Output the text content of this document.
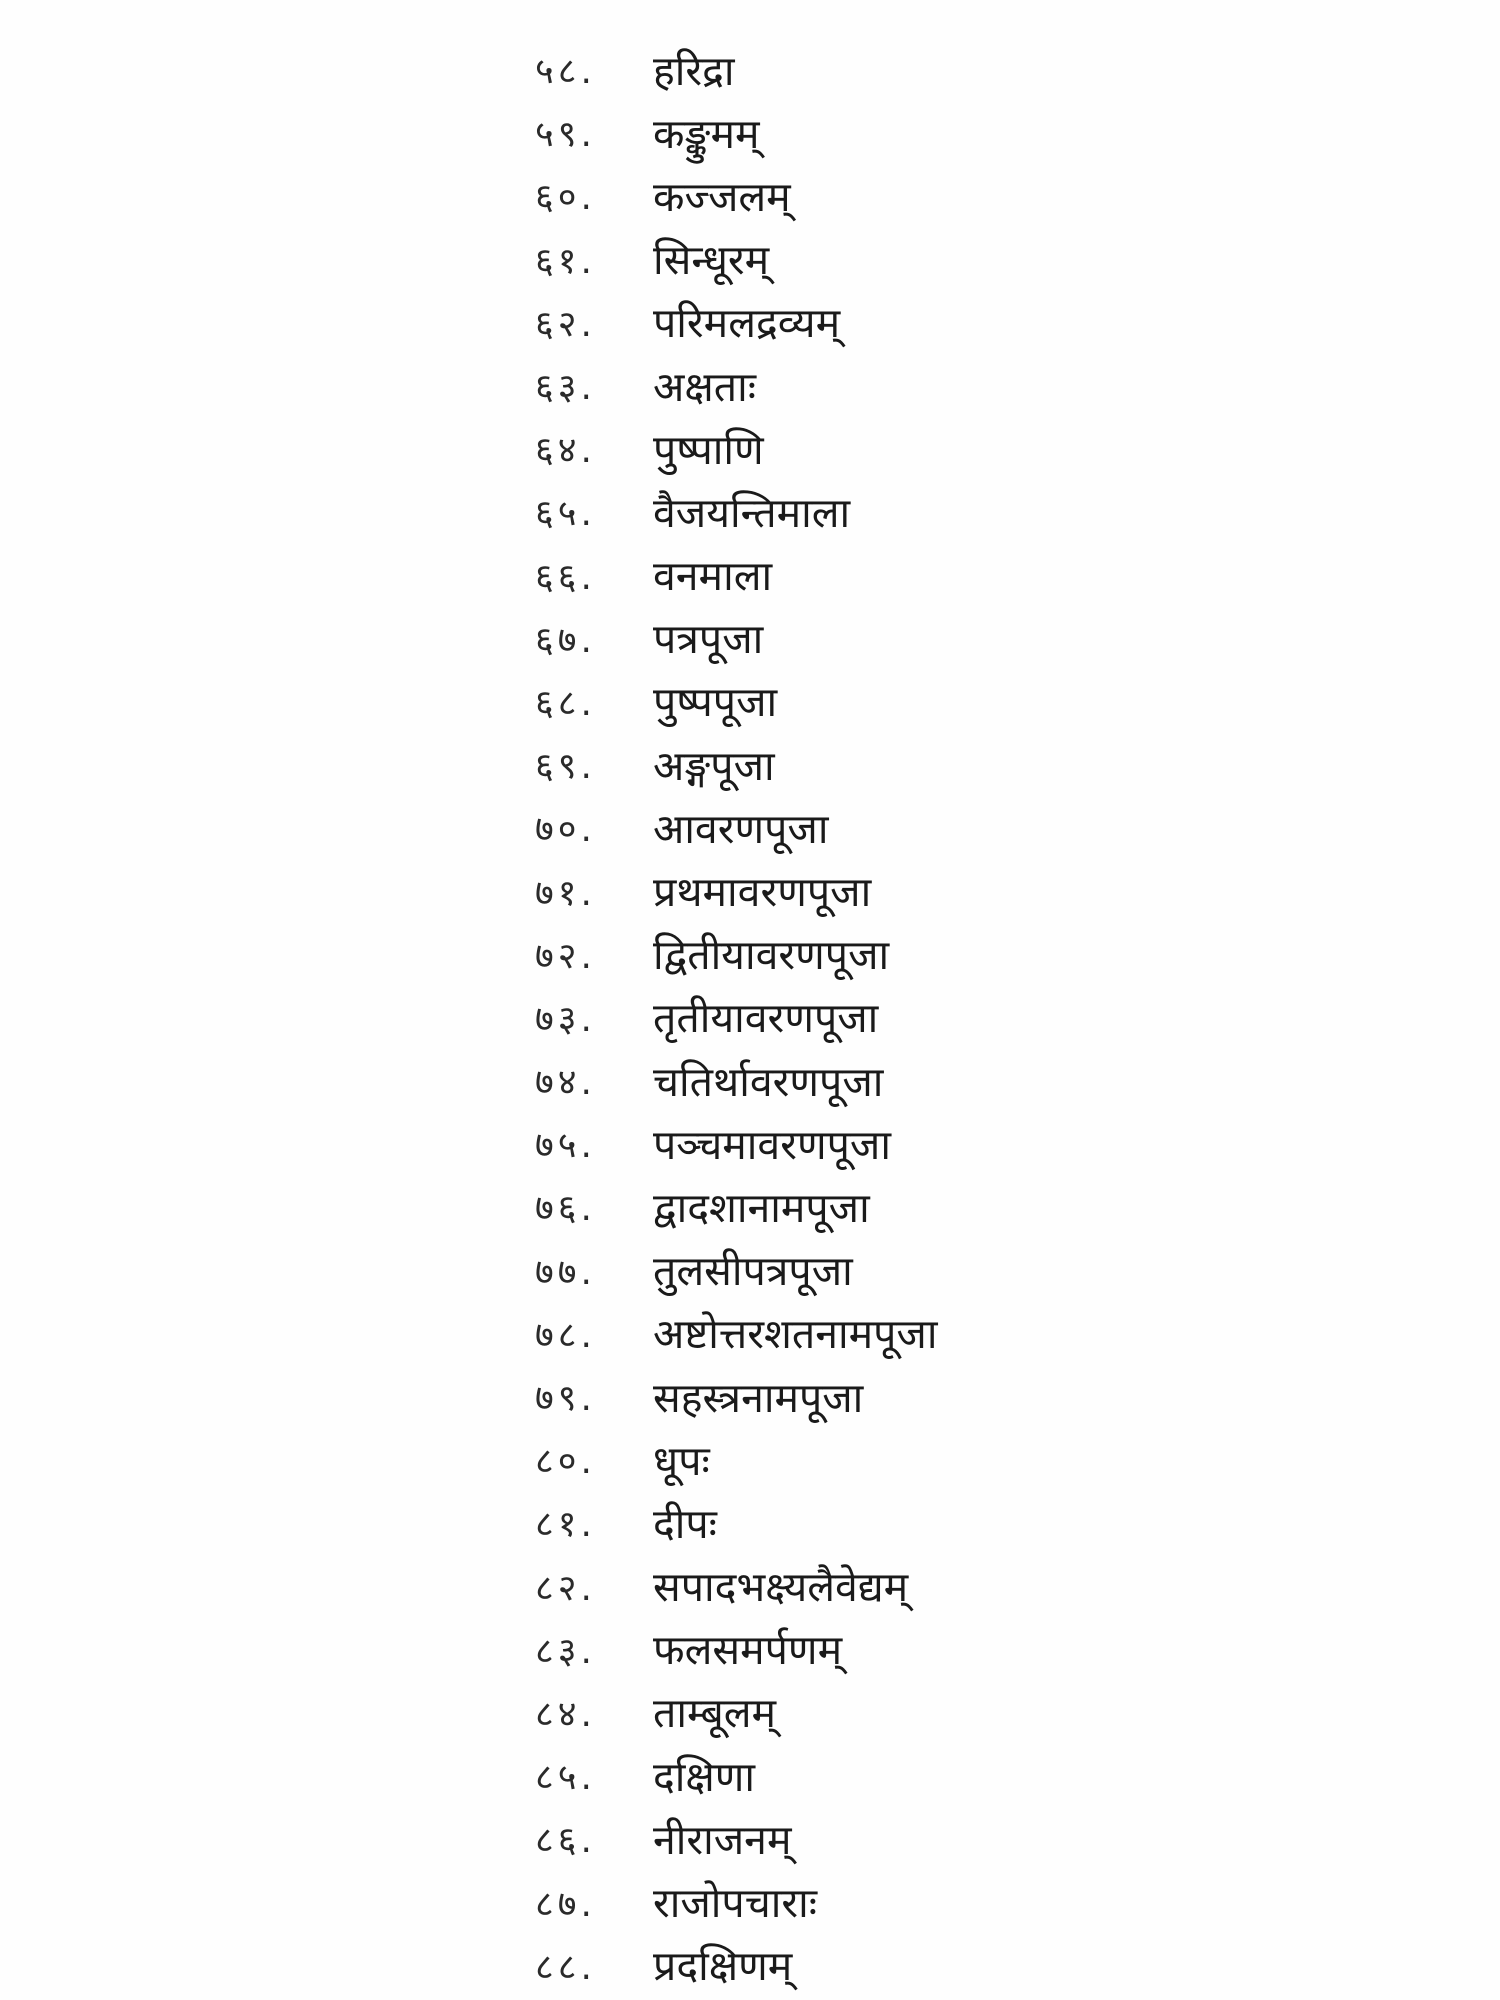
५८.	हरिद्रा
५९.	कङ्कुमम्
६०.	कज्जलम्
६१.	सिन्धूरम्
६२.	परिमलद्रव्यम्
६३.	अक्षताः
६४.	पुष्पाणि
६५.	वैजयन्तिमाला
६६.	वनमाला
६७.	पत्रपूजा
६८.	पुष्पपूजा
६९.	अङ्गपूजा
७०.	आवरणपूजा
७१.	प्रथमावरणपूजा
७२.	द्वितीयावरणपूजा
७३.	तृतीयावरणपूजा
७४.	चतिर्थावरणपूजा
७५.	पञ्चमावरणपूजा
७६.	द्वादशानामपूजा
७७.	तुलसीपत्रपूजा
७८.	अष्टोत्तरशतनामपूजा
७९.	सहस्त्रनामपूजा
८०.	धूपः
८१.	दीपः
८२.	सपादभक्ष्यलैवेद्यम्
८३.	फलसमर्पणम्
८४.	ताम्बूलम्
८५.	दक्षिणा
८६.	नीराजनम्
८७.	राजोपचाराः
८८.	प्रदक्षिणम्
